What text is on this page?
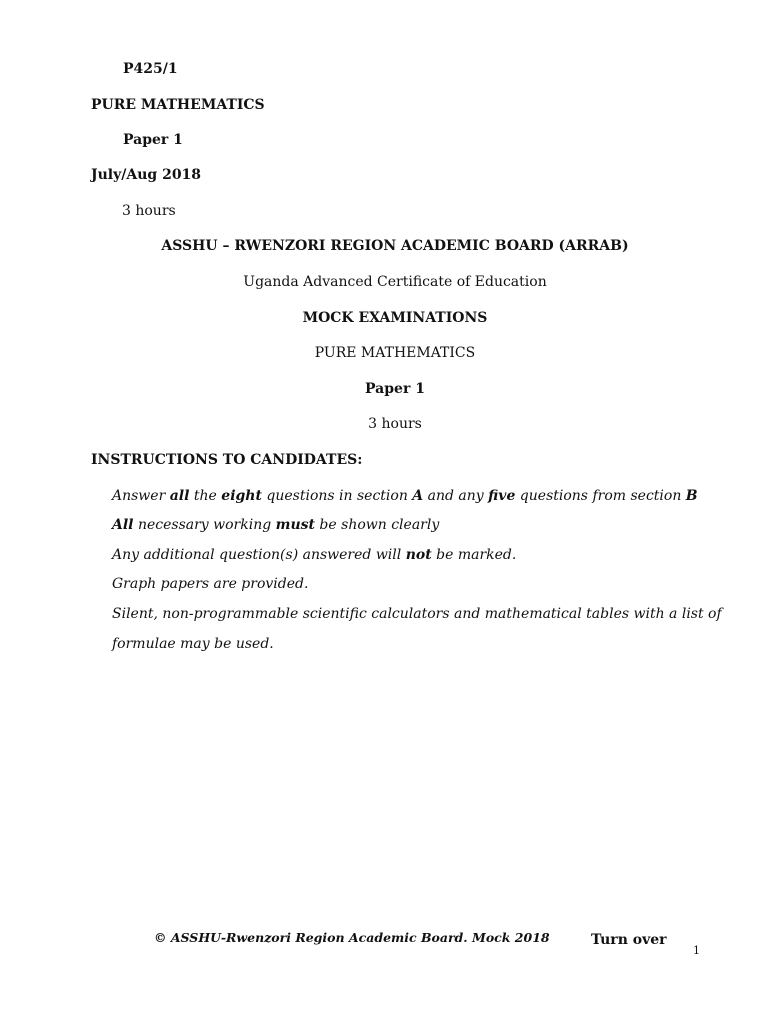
P425/1
PURE MATHEMATICS
Paper 1
July/Aug 2018
3 hours
ASSHU – RWENZORI REGION ACADEMIC BOARD (ARRAB)
Uganda Advanced Certificate of Education
MOCK EXAMINATIONS
PURE MATHEMATICS
Paper 1
3 hours
INSTRUCTIONS TO CANDIDATES:
Answer all the eight questions in section A and any five questions from section B
All necessary working must be shown clearly
Any additional question(s) answered will not be marked.
Graph papers are provided.
Silent, non-programmable scientific calculators and mathematical tables with a list of
formulae may be used.
© ASSHU-Rwenzori Region Academic Board. Mock 2018	Turn over
1
